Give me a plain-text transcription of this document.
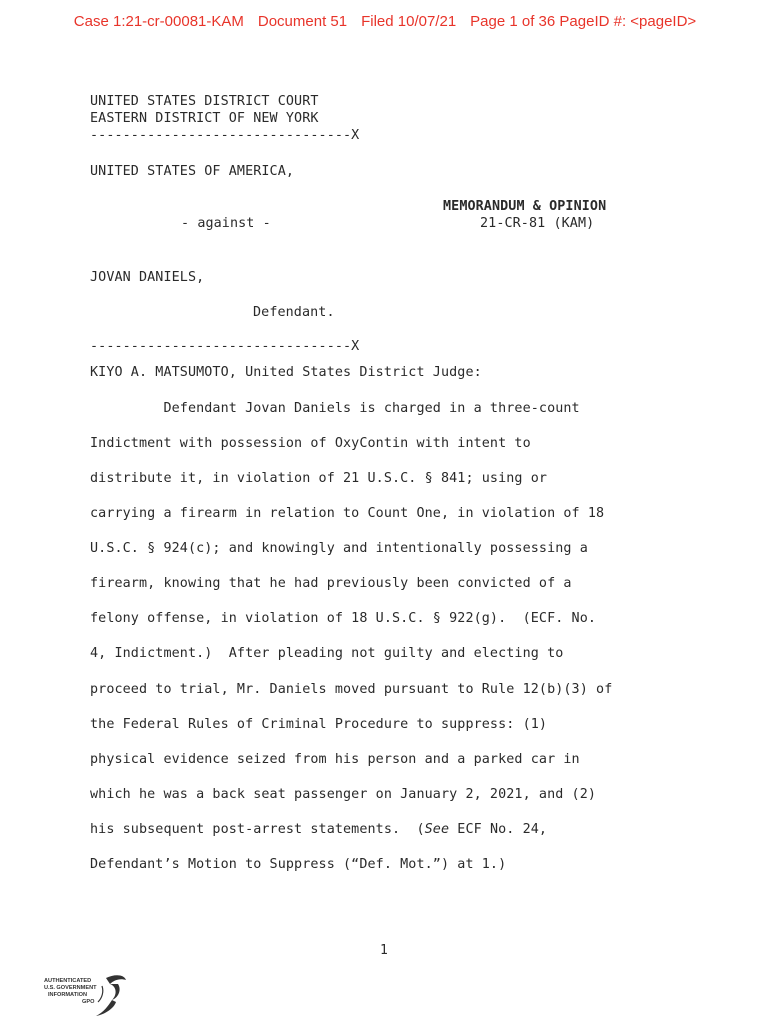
Case 1:21-cr-00081-KAM Document 51 Filed 10/07/21 Page 1 of 36 PageID #: <pageID>
UNITED STATES DISTRICT COURT
EASTERN DISTRICT OF NEW YORK
--------------------------------X
UNITED STATES OF AMERICA,
MEMORANDUM & OPINION
- against -	21-CR-81 (KAM)
JOVAN DANIELS,
Defendant.
--------------------------------X
KIYO A. MATSUMOTO, United States District Judge:
Defendant Jovan Daniels is charged in a three-count
Indictment with possession of OxyContin with intent to
distribute it, in violation of 21 U.S.C. § 841; using or
carrying a firearm in relation to Count One, in violation of 18
U.S.C. § 924(c); and knowingly and intentionally possessing a
firearm, knowing that he had previously been convicted of a
felony offense, in violation of 18 U.S.C. § 922(g).  (ECF. No.
4, Indictment.)  After pleading not guilty and electing to
proceed to trial, Mr. Daniels moved pursuant to Rule 12(b)(3) of
the Federal Rules of Criminal Procedure to suppress: (1)
physical evidence seized from his person and a parked car in
which he was a back seat passenger on January 2, 2021, and (2)
his subsequent post-arrest statements.  (See ECF No. 24,
Defendant’s Motion to Suppress (“Def. Mot.”) at 1.)
1
AUTHENTICATED
U.S. GOVERNMENT
INFORMATION
GPO
